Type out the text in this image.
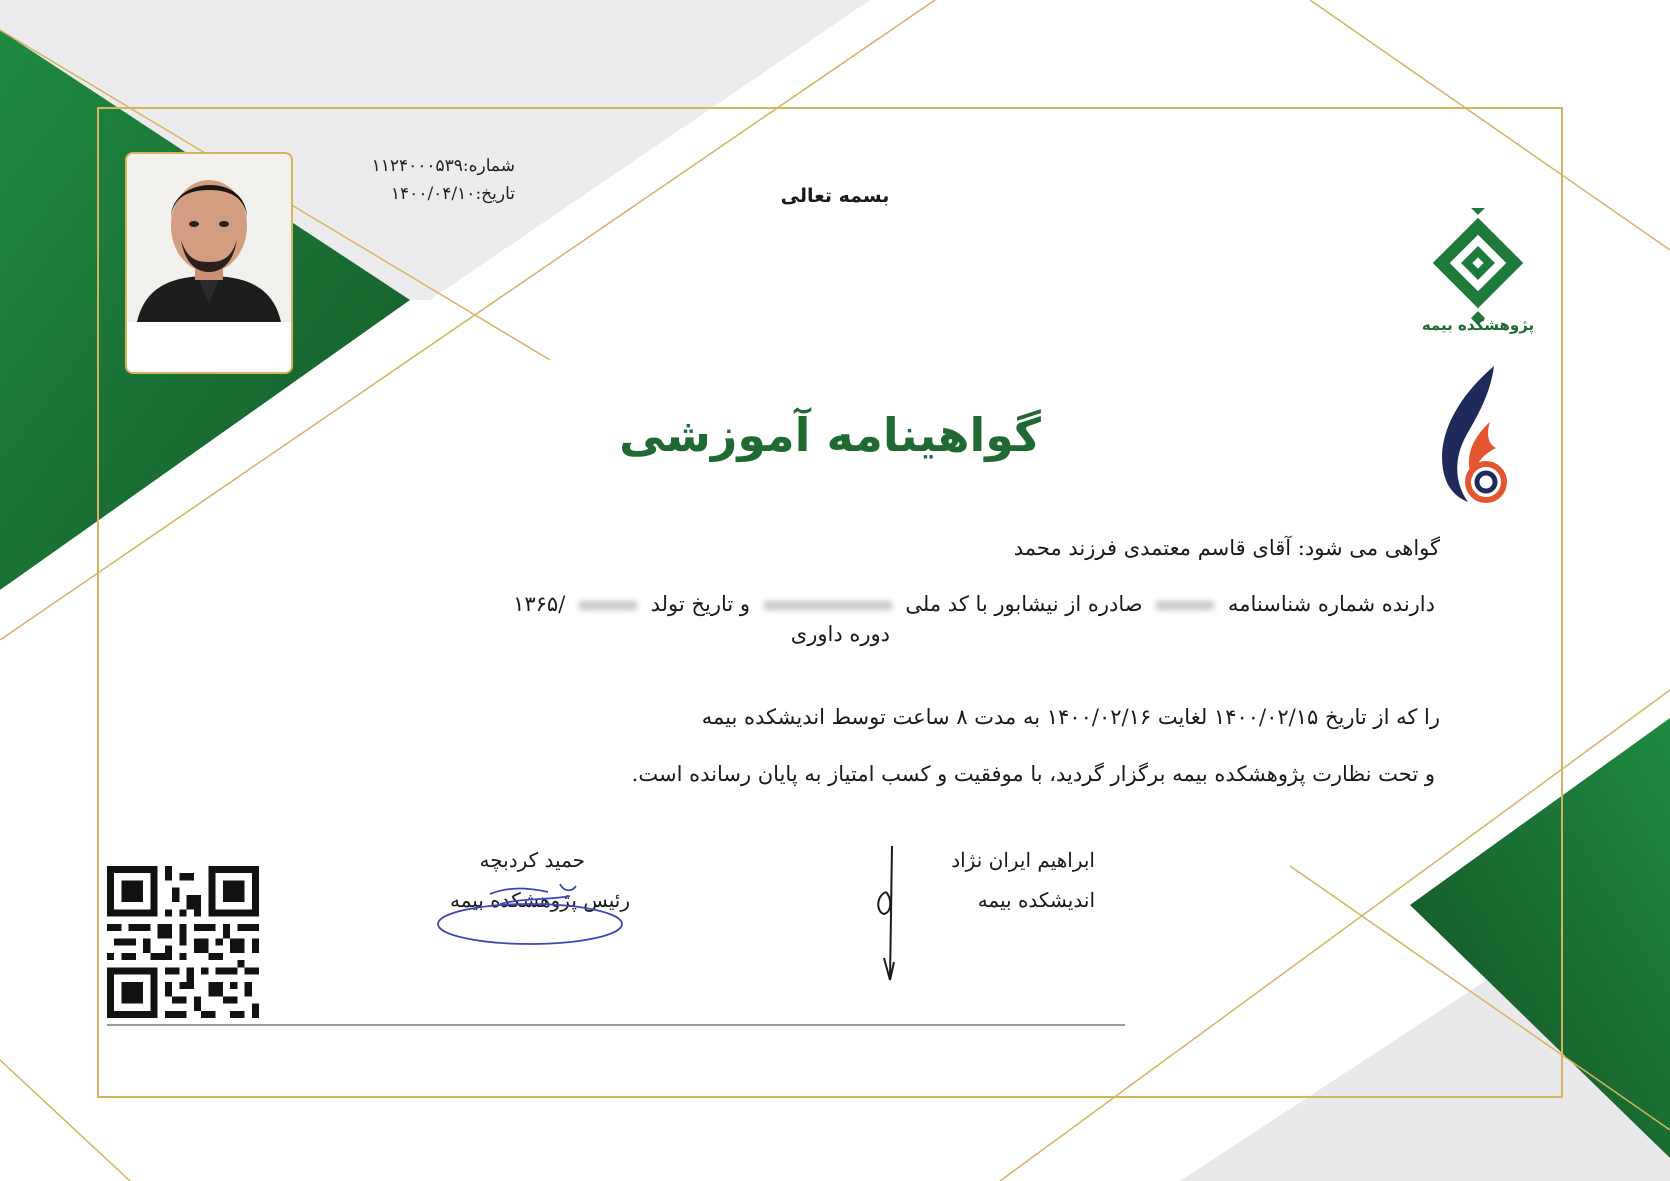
شماره:۱۱۲۴۰۰۰۵۳۹
تاریخ:۱۴۰۰/۰۴/۱۰	بسمه تعالی
پژوهشکده بیمه
گواهینامه آموزشی
گواهی می شود: آقای قاسم معتمدی فرزند محمد
دارنده شماره شناسنامه  صادره از نیشابور با کد ملی  و تاریخ تولد  /۱۳۶۵
دوره داوری
را که از تاریخ ۱۴۰۰/۰۲/۱۵ لغایت ۱۴۰۰/۰۲/۱۶ به مدت ۸ ساعت توسط اندیشکده بیمه
و تحت نظارت پژوهشکده بیمه برگزار گردید، با موفقیت و کسب امتیاز به پایان رسانده است.
ابراهیم ایران نژاد
اندیشکده بیمه
حمید کردبچه
رئیس پژوهشکده بیمه
